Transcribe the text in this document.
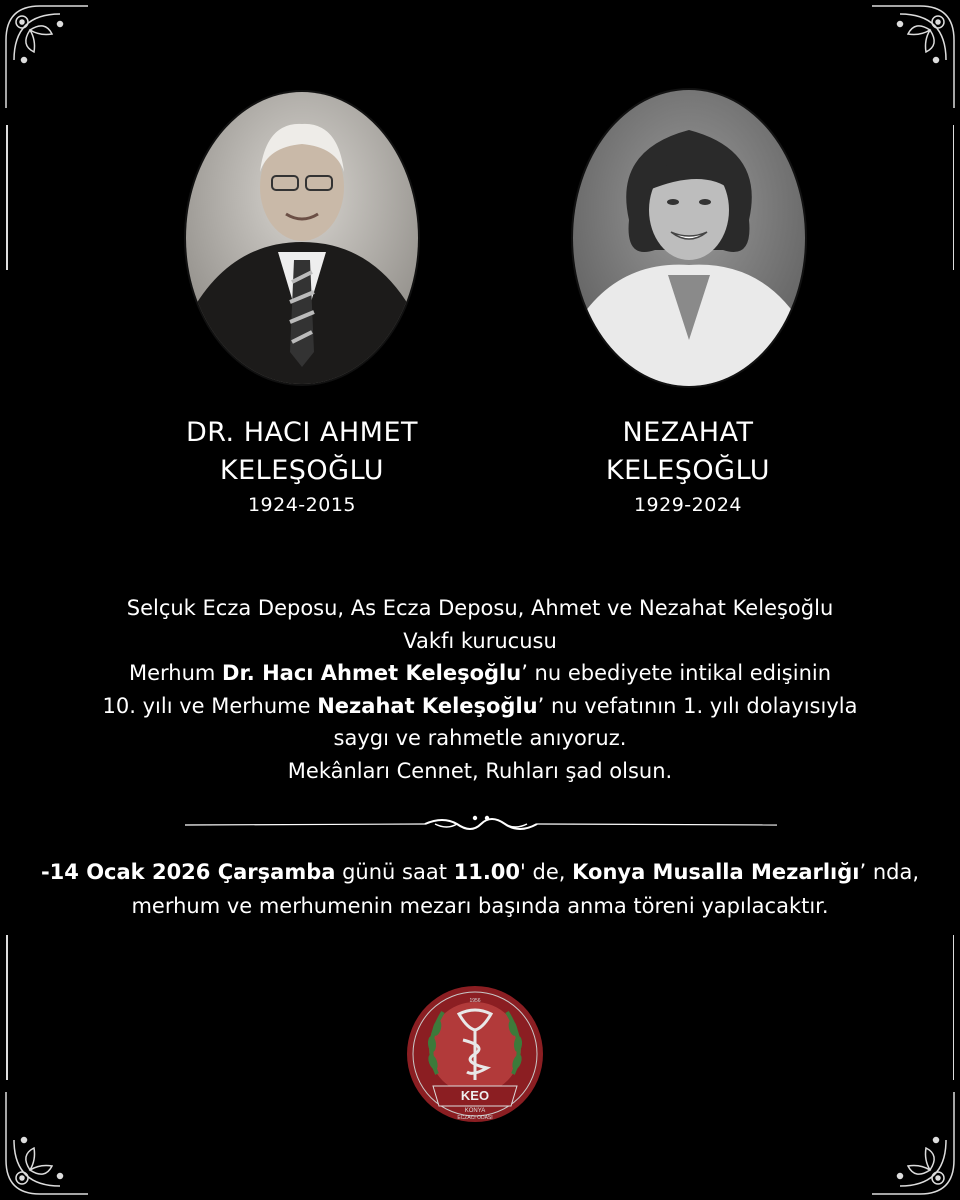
DR. HACI AHMET
KELEŞOĞLU
1924-2015
NEZAHAT
KELEŞOĞLU
1929-2024
Selçuk Ecza Deposu, As Ecza Deposu, Ahmet ve Nezahat Keleşoğlu
Vakfı kurucusu
Merhum Dr. Hacı Ahmet Keleşoğlu’ nu ebediyete intikal edişinin
10. yılı ve Merhume Nezahat Keleşoğlu’ nu vefatının 1. yılı dolayısıyla
saygı ve rahmetle anıyoruz.
Mekânları Cennet, Ruhları şad olsun.
-14 Ocak 2026 Çarşamba günü saat 11.00' de, Konya Musalla Mezarlığı’ nda, merhum ve merhumenin mezarı başında anma töreni yapılacaktır.
1956
KEO
KONYA
ECZACI ODASI
